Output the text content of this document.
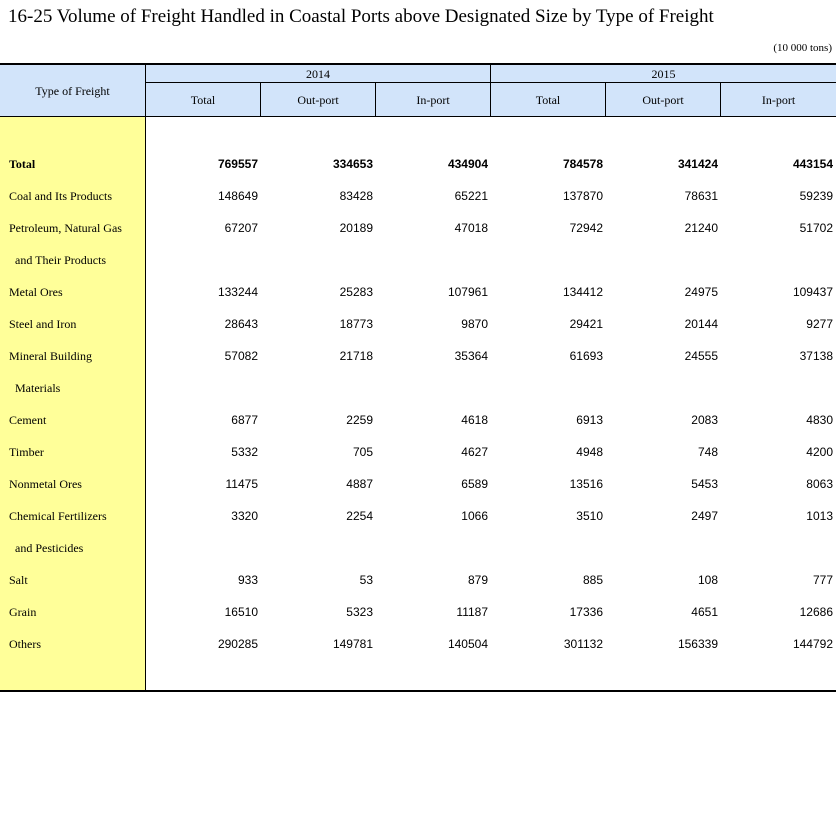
16-25 Volume of Freight Handled in Coastal Ports above Designated Size by Type of Freight
(10 000 tons)
Type of Freight
2014	2015
Total	Out-port	In-port	Total	Out-port	In-port
Total	769557	334653	434904	784578	341424	443154
Coal and Its Products	148649	83428	65221	137870	78631	59239
Petroleum, Natural Gas	67207	20189	47018	72942	21240	51702
and Their Products
Metal Ores	133244	25283	107961	134412	24975	109437
Steel and Iron	28643	18773	9870	29421	20144	9277
Mineral Building	57082	21718	35364	61693	24555	37138
Materials
Cement	6877	2259	4618	6913	2083	4830
Timber	5332	705	4627	4948	748	4200
Nonmetal Ores	11475	4887	6589	13516	5453	8063
Chemical Fertilizers	3320	2254	1066	3510	2497	1013
and Pesticides
Salt	933	53	879	885	108	777
Grain	16510	5323	11187	17336	4651	12686
Others	290285	149781	140504	301132	156339	144792
